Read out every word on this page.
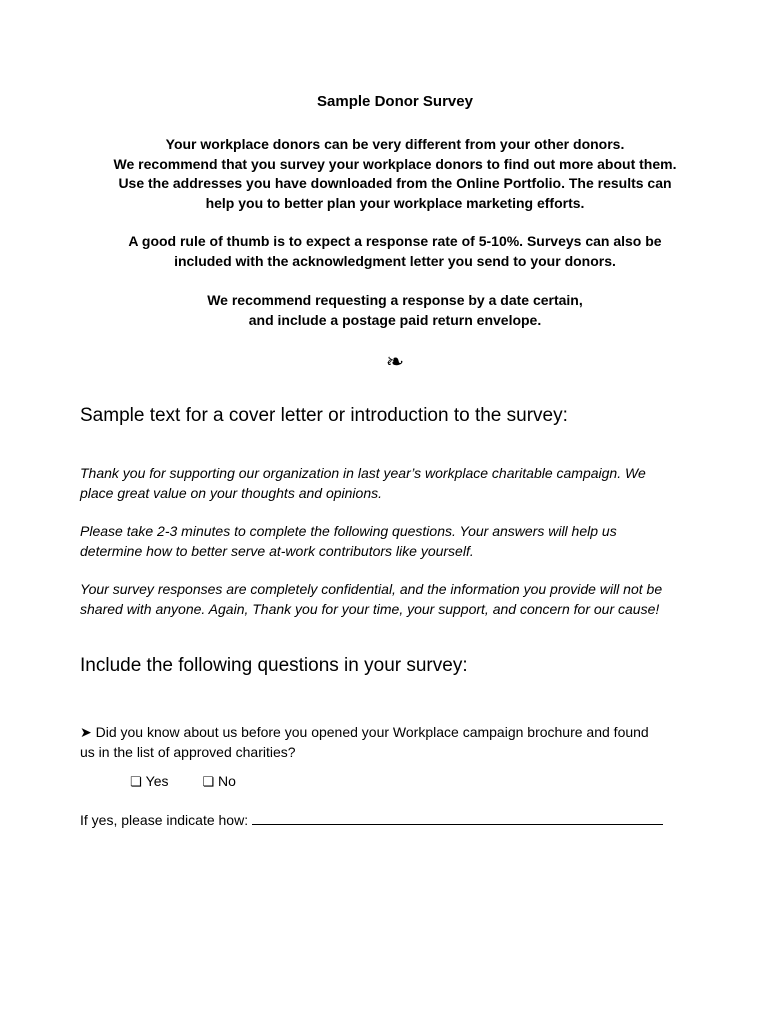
Sample Donor Survey
Your workplace donors can be very different from your other donors.
We recommend that you survey your workplace donors to find out more about them.
Use the addresses you have downloaded from the Online Portfolio. The results can
help you to better plan your workplace marketing efforts.
A good rule of thumb is to expect a response rate of 5-10%. Surveys can also be
included with the acknowledgment letter you send to your donors.
We recommend requesting a response by a date certain,
and include a postage paid return envelope.
❧
Sample text for a cover letter or introduction to the survey:
Thank you for supporting our organization in last year’s workplace charitable campaign. We
place great value on your thoughts and opinions.
Please take 2-3 minutes to complete the following questions. Your answers will help us
determine how to better serve at-work contributors like yourself.
Your survey responses are completely confidential, and the information you provide will not be
shared with anyone. Again, Thank you for your time, your support, and concern for our cause!
Include the following questions in your survey:
➤ Did you know about us before you opened your Workplace campaign brochure and found
us in the list of approved charities?
❏ Yes	❏ No
If yes, please indicate how:
